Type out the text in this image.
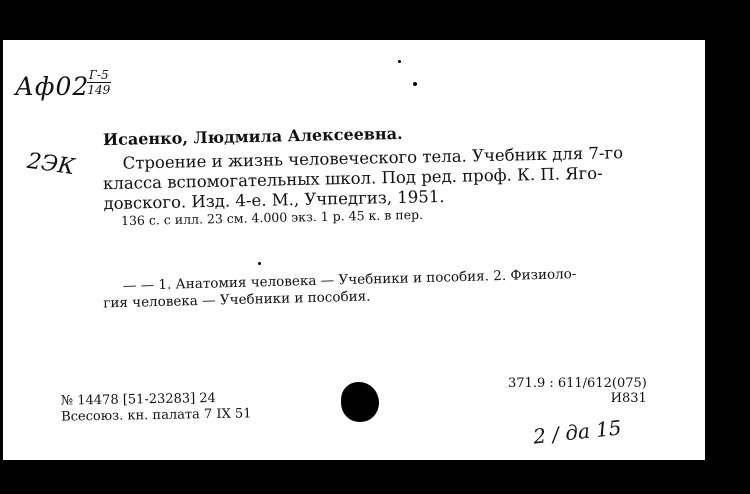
Аф02 Г-5
149
2ЭК
Исаенко, Людмила Алексеевна.
Строение и жизнь человеческого тела. Учебник для 7-го
класса вспомогательных школ. Под ред. проф. К. П. Яго-
довского. Изд. 4-е. М., Учпедгиз, 1951.
136 с. с илл. 23 см. 4.000 экз. 1 р. 45 к. в пер.
— — 1. Анатомия человека — Учебники и пособия. 2. Физиоло-
гия человека — Учебники и пособия.
№ 14478 [51-23283] 24
Всесоюз. кн. палата 7 IX 51
371.9 : 611/612(075)
И831
2 / да 15
